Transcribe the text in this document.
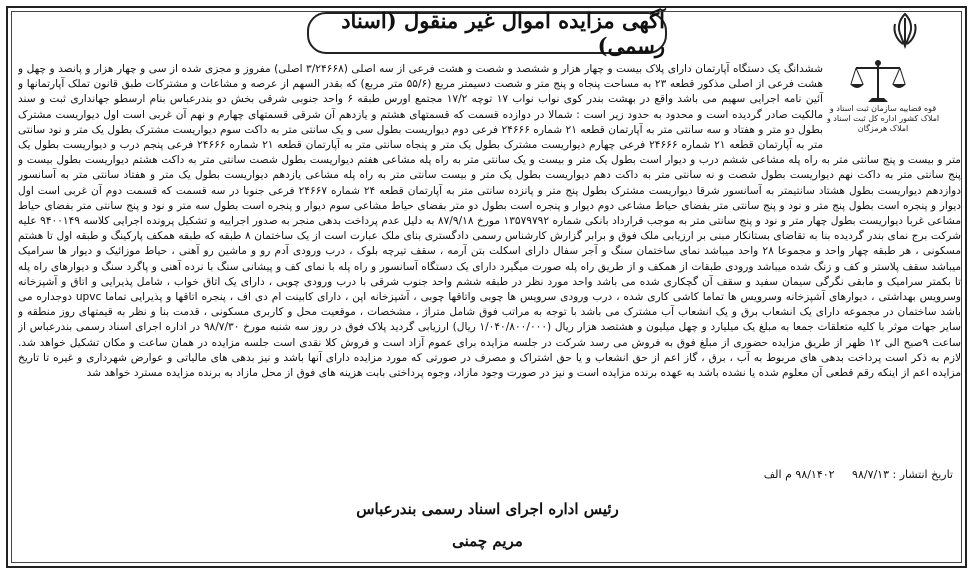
آگهی مزایده اموال غیر منقول (اسناد رسمی)
قوه قضاییه سازمان ثبت اسناد و املاک کشور اداره کل ثبت اسناد و املاک هرمزگان
ششدانگ یک دستگاه آپارتمان دارای پلاک بیست و چهار هزار و ششصد و شصت و هشت فرعی از سه اصلی (۳/۲۴۶۶۸ اصلی) مفروز و مجزی شده از سی و چهار هزار و پانصد و چهل و هشت فرعی از اصلی مذکور قطعه ۲۳ به مساحت پنجاه و پنج متر و شصت دسیمتر مربع (۵۵/۶ متر مربع) که بقدر السهم از عرصه و مشاعات و مشترکات طبق قانون تملک آپارتمانها و آئین نامه اجرایی سهیم می باشد واقع در بهشت بندر کوی نواب نواب ۱۷ توچه ۱۷/۲ مجتمع اورس طبقه ۶ واحد جنوبی شرقی بخش دو بندرعباس بنام ارسطو جهانداری ثبت و سند مالکیت صادر گردیده است و محدود به حدود زیر است : شمالا در دوازده قسمت که قسمتهای هشتم و یازدهم آن شرقی قسمتهای چهارم و نهم آن غربی است اول دیواریست مشترک بطول دو متر و هفتاد و سه سانتی متر به آپارتمان قطعه ۲۱ شماره ۲۴۶۶۶ فرعی دوم دیواریست بطول سی و یک سانتی متر به داکت سوم دیواریست مشترک بطول یک متر و نود سانتی متر به آپارتمان قطعه ۲۱ شماره ۲۴۶۶۶ فرعی چهارم دیواریست مشترک بطول یک متر و پنجاه سانتی متر به آپارتمان قطعه ۲۱ شماره ۲۴۶۶۶ فرعی پنجم درب و دیواریست بطول یک متر و بیست و پنج سانتی متر به راه پله مشاعی ششم درب و دیوار است بطول یک متر و بیست و یک سانتی متر به راه پله مشاعی هفتم دیواریست بطول شصت سانتی متر به داکت هشتم دیواریست بطول بیست و پنج سانتی متر به داکت نهم دیواریست بطول شصت و نه سانتی متر به داکت دهم دیواریست بطول یک متر و بیست سانتی متر به راه پله مشاعی یازدهم دیواریست بطول یک متر و هفتاد سانتی متر به آسانسور دوازدهم دیواریست بطول هشتاد سانتیمتر به آسانسور شرقا دیواریست مشترک بطول پنج متر و پانزده سانتی متر به آپارتمان قطعه ۲۴ شماره ۲۴۶۶۷ فرعی جنوبا در سه قسمت که قسمت دوم آن غربی است اول دیوار و پنجره است بطول پنج متر و نود و پنج سانتی متر بفضای حیاط مشاعی دوم دیوار و پنجره است بطول دو متر بفضای حیاط مشاعی سوم دیوار و پنجره است بطول سه متر و نود و پنج سانتی متر بفضای حیاط مشاعی غربا دیواریست بطول چهار متر و نود و پنج سانتی متر به موجب قرارداد بانکی شماره ۱۳۵۷۹۷۹۲ مورخ ۸۷/۹/۱۸ به دلیل عدم پرداخت بدهی منجر به صدور اجراییه و تشکیل پرونده اجرایی کلاسه ۹۴۰۰۱۴۹ علیه شرکت برج نمای بندر گردیده بنا به تقاضای بستانکار مبنی بر ارزیابی ملک فوق و برابر گزارش کارشناس رسمی دادگستری بنای ملک عبارت است از یک ساختمان ۸ طبقه که طبقه همکف پارکینگ و طبقه اول تا هشتم مسکونی ، هر طبقه چهار واحد و مجموعا ۲۸ واحد میباشد نمای ساختمان سنگ و آجر سفال دارای اسکلت بتن آرمه ، سقف تیرچه بلوک ، درب ورودی آدم رو و ماشین رو آهنی ، حیاط موزائیک و دیوار ها سرامیک میباشد سقف پلاستر و کف و زنگ شده میباشد ورودی طبقات از همکف و از طریق راه پله صورت میگیرد دارای یک دستگاه آسانسور و راه پله با نمای کف و پیشانی سنگ با نرده آهنی و پاگرد سنگ و دیوارهای راه پله تا بکمتر سرامیک و مابقی نگرگی سیمان سفید و سقف آن گچکاری شده می باشد واحد مورد نظر در طبقه ششم واحد جنوب شرقی با درب ورودی چوبی ، دارای یک اتاق خواب ، شامل پذیرایی و اتاق و آشپزخانه وسرویس بهداشتی ، دیوارهای آشپزخانه وسرویس ها تماما کاشی کاری شده ، درب ورودی سرویس ها چوبی واتاقها چوبی ، آشپزخانه اپن ، دارای کابینت ام دی اف ، پنجره اتاقها و پذیرایی تماما upvc دوجداره می باشد ساختمان در مجموعه دارای یک انشعاب برق و یک انشعاب آب مشترک می باشد با توجه به مراتب فوق شامل متراژ ، مشخصات ، موقعیت محل و کاربری مسکونی ، قدمت بنا و نظر به قیمتهای روز منطقه و سایر جهات موثر با کلیه متعلقات جمعا به مبلغ یک میلیارد و چهل میلیون و هشتصد هزار ریال (۱/۰۴۰/۸۰۰/۰۰۰ ریال) ارزیابی گردید پلاک فوق در روز سه شنبه مورخ ۹۸/۷/۳۰ در اداره اجرای اسناد رسمی بندرعباس از ساعت ۹صبح الی ۱۲ ظهر از طریق مزایده حضوری از مبلغ فوق به فروش می رسد شرکت در جلسه مزایده برای عموم آزاد است و فروش کلا نقدی است جلسه مزایده در همان ساعت و مکان تشکیل خواهد شد. لازم به ذکر است پرداخت بدهی های مربوط به آب ، برق ، گاز اعم از حق انشعاب و یا حق اشتراک و مصرف در صورتی که مورد مزایده دارای آنها باشد و نیز بدهی های مالیاتی و عوارض شهرداری و غیره تا تاریخ مزایده اعم از اینکه رقم قطعی آن معلوم شده یا نشده باشد به عهده برنده مزایده است و نیز در صورت وجود مازاد، وجوه پرداختی بابت هزینه های فوق از محل مازاد به برنده مزایده مسترد خواهد شد
تاریخ انتشار : ۹۸/۷/۱۳     ۹۸/۱۴۰۲ م الف
رئیس اداره اجرای اسناد رسمی بندرعباس
مریم چمنی
